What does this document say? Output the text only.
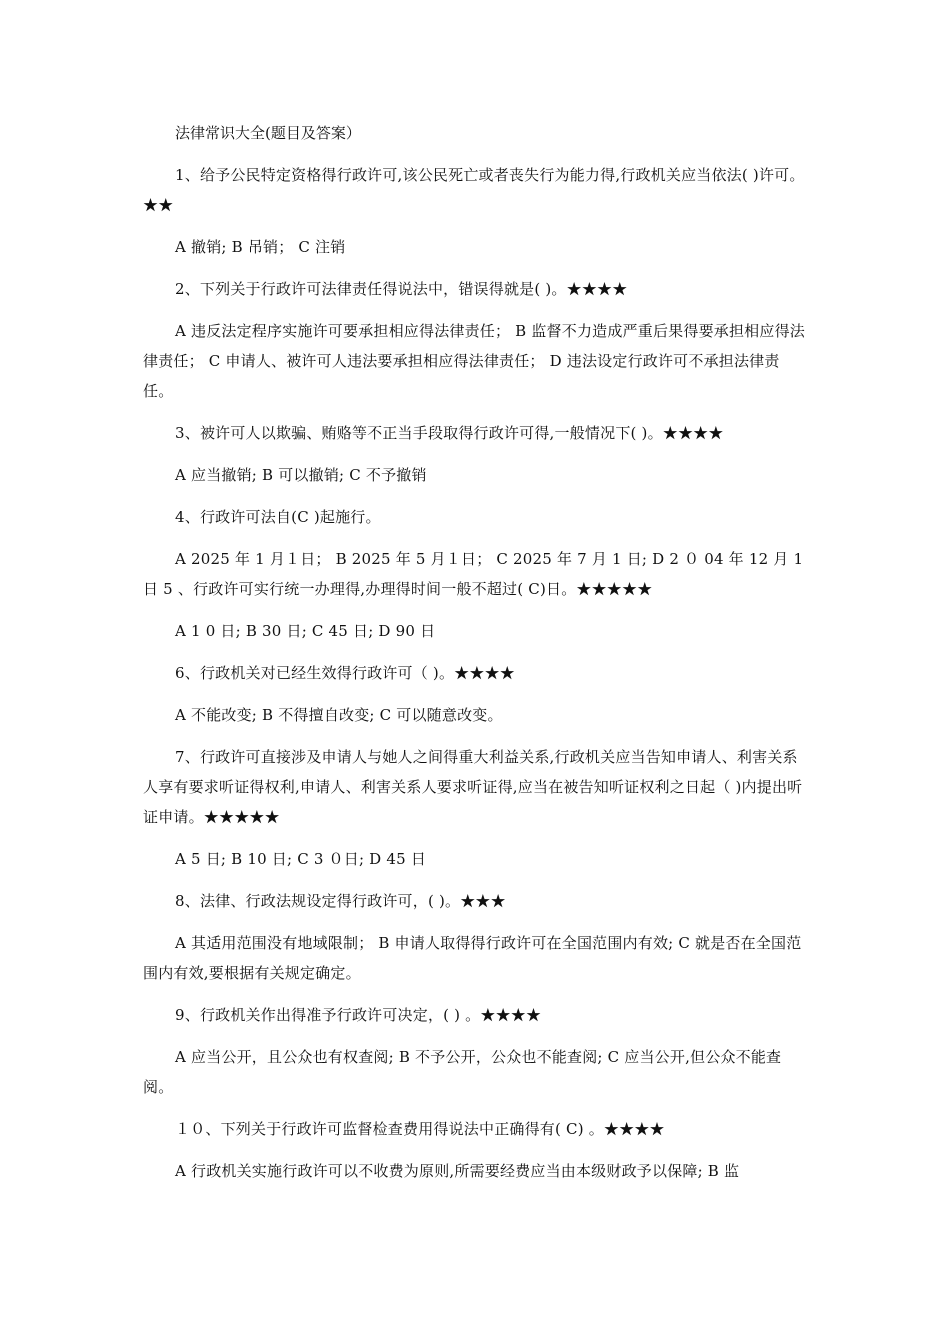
法律常识大全(题目及答案）
1、给予公民特定资格得行政许可,该公民死亡或者丧失行为能力得,行政机关应当依法( )许可。★★
A 撤销; B 吊销； C 注销
2、下列关于行政许可法律责任得说法中，错误得就是( )。★★★★
A 违反法定程序实施许可要承担相应得法律责任； B 监督不力造成严重后果得要承担相应得法律责任； C 申请人、被许可人违法要承担相应得法律责任； D 违法设定行政许可不承担法律责任。
3、被许可人以欺骗、贿赂等不正当手段取得行政许可得,一般情况下( )。★★★★
A 应当撤销; B 可以撤销; C 不予撤销
4、行政许可法自(C )起施行。
A 2025 年 1 月１日； B 2025 年 5 月１日； C 2025 年 7 月 1 日; D 2 ０ 04 年 12 月 1 日 5 、行政许可实行统一办理得,办理得时间一般不超过( C)日。★★★★★
A 1 0 日; B 30 日; C 45 日; D 90 日
6、行政机关对已经生效得行政许可（ )。★★★★
A 不能改变; B 不得擅自改变; C 可以随意改变。
7、行政许可直接涉及申请人与她人之间得重大利益关系,行政机关应当告知申请人、利害关系人享有要求听证得权利,申请人、利害关系人要求听证得,应当在被告知听证权利之日起（ )内提出听证申请。★★★★★
A 5 日; B 10 日; C 3 ０日; D 45 日
8、法律、行政法规设定得行政许可，( )。★★★
A 其适用范围没有地域限制； B 申请人取得得行政许可在全国范围内有效; C 就是否在全国范围内有效,要根据有关规定确定。
9、行政机关作出得准予行政许可决定，( ) 。★★★★
A 应当公开，且公众也有权查阅; B 不予公开，公众也不能查阅; C 应当公开,但公众不能查阅。
１０、下列关于行政许可监督检查费用得说法中正确得有( C) 。★★★★
A 行政机关实施行政许可以不收费为原则,所需要经费应当由本级财政予以保障; B 监
